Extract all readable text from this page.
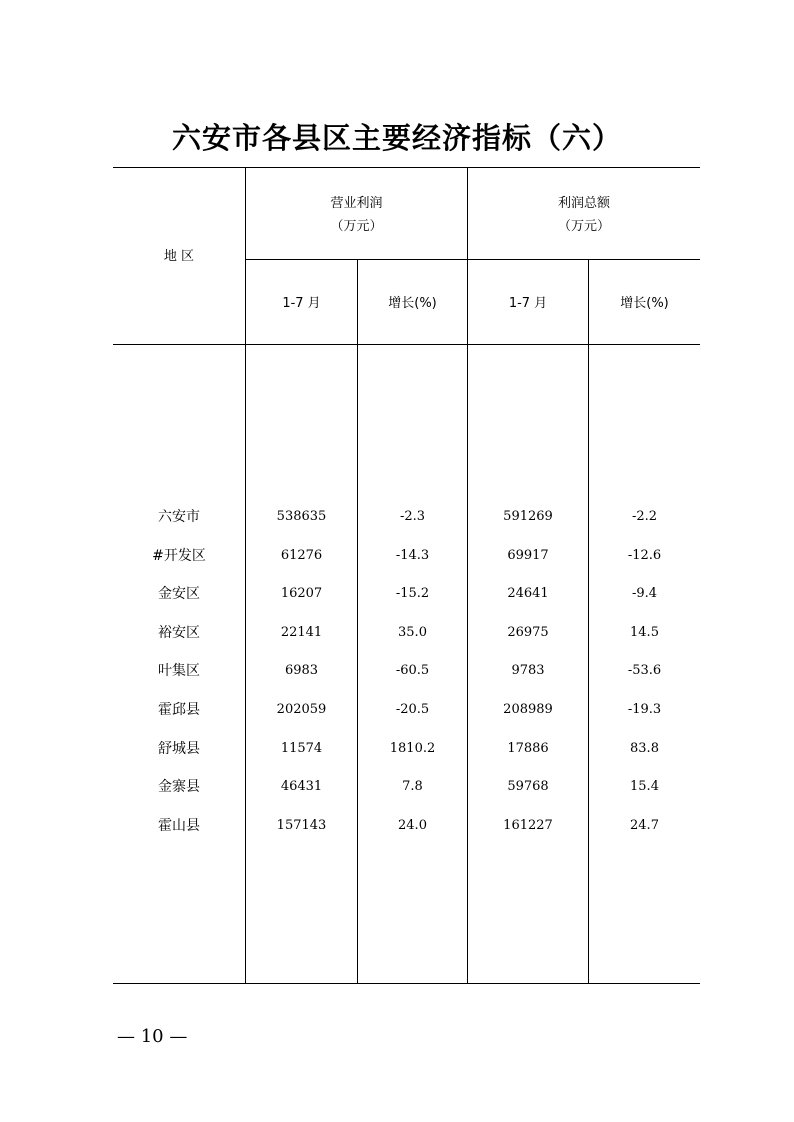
六安市各县区主要经济指标（六）
地 区
营业利润
（万元）
利润总额
（万元）
1-7 月	增长(%)	1-7 月	增长(%)
六安市	538635	-2.3	591269	-2.2
#开发区	61276	-14.3	69917	-12.6
金安区	16207	-15.2	24641	-9.4
裕安区	22141	35.0	26975	14.5
叶集区	6983	-60.5	9783	-53.6
霍邱县	202059	-20.5	208989	-19.3
舒城县	11574	1810.2	17886	83.8
金寨县	46431	7.8	59768	15.4
霍山县	157143	24.0	161227	24.7
— 10 —
